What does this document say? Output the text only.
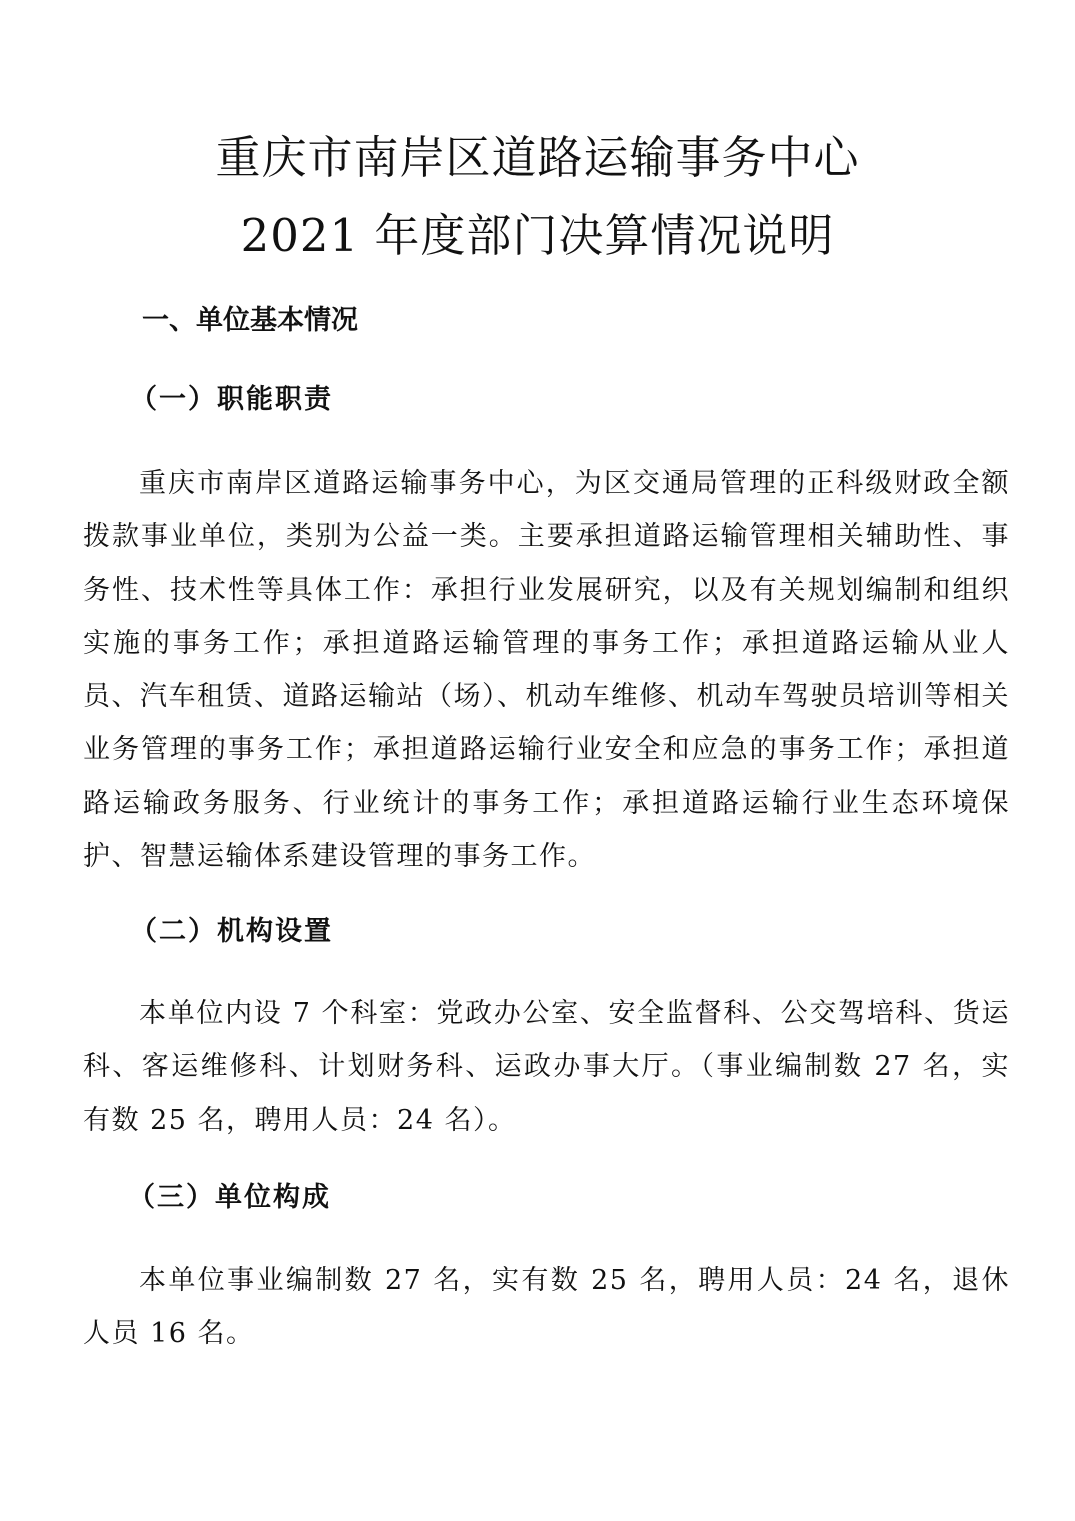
重庆市南岸区道路运输事务中心
2021 年度部门决算情况说明
一、单位基本情况
（一）职能职责
重庆市南岸区道路运输事务中心，为区交通局管理的正科级财政全额拨款事业单位，类别为公益一类。主要承担道路运输管理相关辅助性、事务性、技术性等具体工作：承担行业发展研究，以及有关规划编制和组织实施的事务工作；承担道路运输管理的事务工作；承担道路运输从业人员、汽车租赁、道路运输站（场）、机动车维修、机动车驾驶员培训等相关业务管理的事务工作；承担道路运输行业安全和应急的事务工作；承担道路运输政务服务、行业统计的事务工作；承担道路运输行业生态环境保护、智慧运输体系建设管理的事务工作。
（二）机构设置
本单位内设 7 个科室：党政办公室、安全监督科、公交驾培科、货运科、客运维修科、计划财务科、运政办事大厅。（事业编制数 27 名，实有数 25 名，聘用人员：24 名）。
（三）单位构成
本单位事业编制数 27 名，实有数 25 名，聘用人员：24 名，退休人员 16 名。
